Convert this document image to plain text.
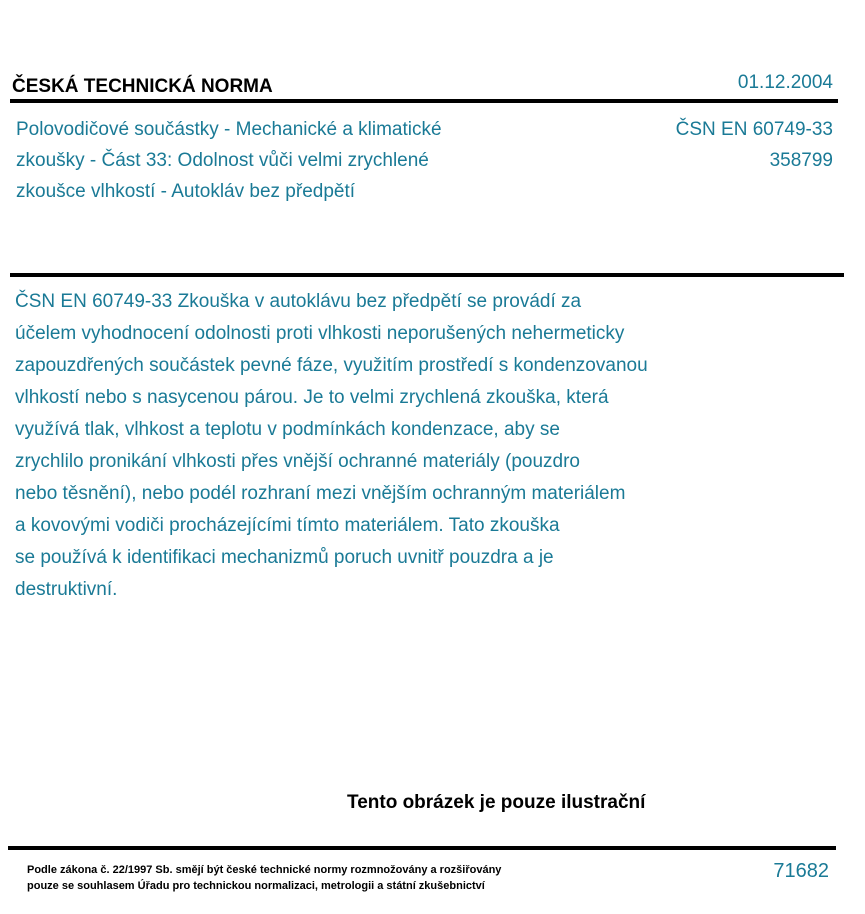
ČESKÁ TECHNICKÁ NORMA	01.12.2004
Polovodičové součástky - Mechanické a klimatické
zkoušky - Část 33: Odolnost vůči velmi zrychlené
zkoušce vlhkostí - Autokláv bez předpětí
ČSN EN 60749-33
358799
ČSN EN 60749-33 Zkouška v autoklávu bez předpětí se provádí za
účelem vyhodnocení odolnosti proti vlhkosti neporušených nehermeticky
zapouzdřených součástek pevné fáze, využitím prostředí s kondenzovanou
vlhkostí nebo s nasycenou párou. Je to velmi zrychlená zkouška, která
využívá tlak, vlhkost a teplotu v podmínkách kondenzace, aby se
zrychlilo pronikání vlhkosti přes vnější ochranné materiály (pouzdro
nebo těsnění), nebo podél rozhraní mezi vnějším ochranným materiálem
a kovovými vodiči procházejícími tímto materiálem. Tato zkouška
se používá k identifikaci mechanizmů poruch uvnitř pouzdra a je
destruktivní.
Tento obrázek je pouze ilustrační
Podle zákona č. 22/1997 Sb. smějí být české technické normy rozmnožovány a rozšiřovány
pouze se souhlasem Úřadu pro technickou normalizaci, metrologii a státní zkušebnictví
71682
